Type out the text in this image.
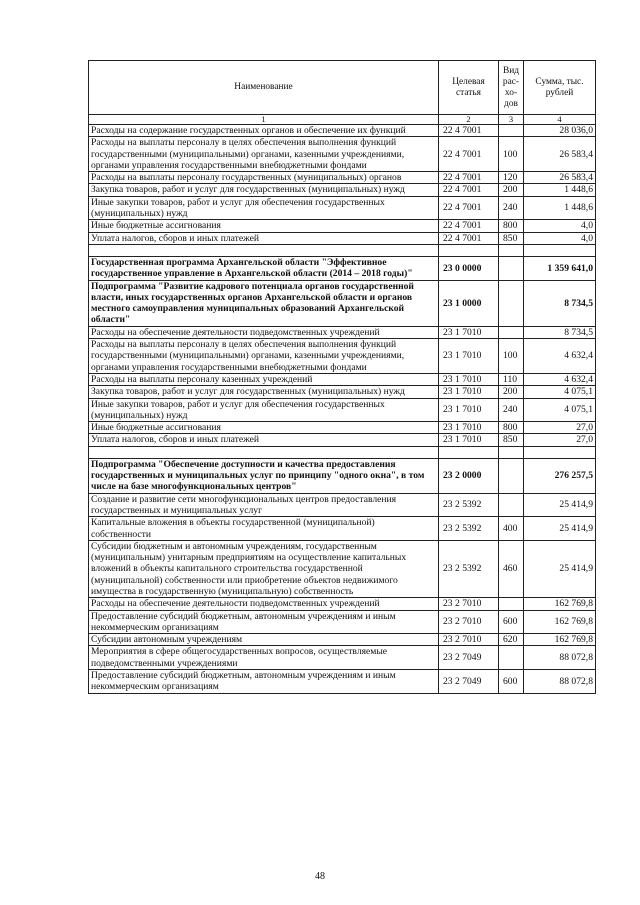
Наименование	Целевая статья	Вид рас- хо- дов	Сумма, тыс. рублей
1	2	3	4
Расходы на содержание государственных органов и обеспечение их функций	22 4 7001		28 036,0
Расходы на выплаты персоналу в целях обеспечения выполнения функций государственными (муниципальными) органами, казенными учреждениями, органами управления государственными внебюджетными фондами	22 4 7001	100	26 583,4
Расходы на выплаты персоналу государственных (муниципальных) органов	22 4 7001	120	26 583,4
Закупка товаров, работ и услуг для государственных (муниципальных) нужд	22 4 7001	200	1 448,6
Иные закупки товаров, работ и услуг для обеспечения государственных (муниципальных) нужд	22 4 7001	240	1 448,6
Иные бюджетные ассигнования	22 4 7001	800	4,0
Уплата налогов, сборов и иных платежей	22 4 7001	850	4,0

Государственная программа Архангельской области "Эффективное государственное управление в Архангельской области (2014 – 2018 годы)"	23 0 0000		1 359 641,0
Подпрограмма "Развитие кадрового потенциала органов государственной власти, иных государственных органов Архангельской области и органов местного самоуправления муниципальных образований Архангельской области"	23 1 0000		8 734,5
Расходы на обеспечение деятельности подведомственных учреждений	23 1 7010		8 734,5
Расходы на выплаты персоналу в целях обеспечения выполнения функций государственными (муниципальными) органами, казенными учреждениями, органами управления государственными внебюджетными фондами	23 1 7010	100	4 632,4
Расходы на выплаты персоналу казенных учреждений	23 1 7010	110	4 632,4
Закупка товаров, работ и услуг для государственных (муниципальных) нужд	23 1 7010	200	4 075,1
Иные закупки товаров, работ и услуг для обеспечения государственных (муниципальных) нужд	23 1 7010	240	4 075,1
Иные бюджетные ассигнования	23 1 7010	800	27,0
Уплата налогов, сборов и иных платежей	23 1 7010	850	27,0

Подпрограмма "Обеспечение доступности и качества предоставления государственных и муниципальных услуг по принципу "одного окна", в том числе на базе многофункциональных центров"	23 2 0000		276 257,5
Создание и развитие сети многофункциональных центров предоставления государственных и муниципальных услуг	23 2 5392		25 414,9
Капитальные вложения в объекты государственной (муниципальной) собственности	23 2 5392	400	25 414,9
Субсидии бюджетным и автономным учреждениям, государственным (муниципальным) унитарным предприятиям на осуществление капитальных вложений в объекты капитального строительства государственной (муниципальной) собственности или приобретение объектов недвижимого имущества в государственную (муниципальную) собственность	23 2 5392	460	25 414,9
Расходы на обеспечение деятельности подведомственных учреждений	23 2 7010		162 769,8
Предоставление субсидий бюджетным, автономным учреждениям и иным некоммерческим организациям	23 2 7010	600	162 769,8
Субсидии автономным учреждениям	23 2 7010	620	162 769,8
Мероприятия в сфере общегосударственных вопросов, осуществляемые подведомственными учреждениями	23 2 7049		88 072,8
Предоставление субсидий бюджетным, автономным учреждениям и иным некоммерческим организациям	23 2 7049	600	88 072,8
48
